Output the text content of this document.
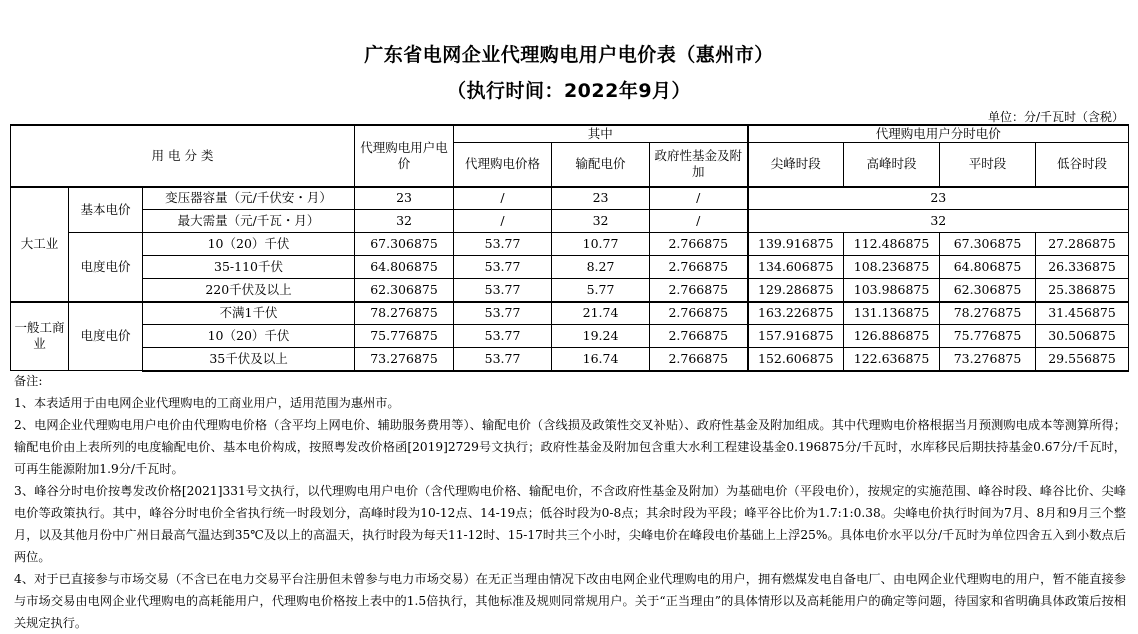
广东省电网企业代理购电用户电价表（惠州市）
（执行时间：2022年9月）
单位：分/千瓦时（含税）
用 电 分 类			代理购电用户电价	其中			代理购电用户分时电价			
				代理购电价格	输配电价	政府性基金及附加	尖峰时段	高峰时段	平时段	低谷时段
大工业	基本电价	变压器容量（元/千伏安・月）	23	/	23	/	23			
		最大需量（元/千瓦・月）	32	/	32	/	32			
	电度电价	10（20）千伏	67.306875	53.77	10.77	2.766875	139.916875	112.486875	67.306875	27.286875
		35-110千伏	64.806875	53.77	8.27	2.766875	134.606875	108.236875	64.806875	26.336875
		220千伏及以上	62.306875	53.77	5.77	2.766875	129.286875	103.986875	62.306875	25.386875
一般工商业	电度电价	不满1千伏	78.276875	53.77	21.74	2.766875	163.226875	131.136875	78.276875	31.456875
		10（20）千伏	75.776875	53.77	19.24	2.766875	157.916875	126.886875	75.776875	30.506875
		35千伏及以上	73.276875	53.77	16.74	2.766875	152.606875	122.636875	73.276875	29.556875
备注:
1、本表适用于由电网企业代理购电的工商业用户，适用范围为惠州市。
2、电网企业代理购电用户电价由代理购电价格（含平均上网电价、辅助服务费用等）、输配电价（含线损及政策性交叉补贴）、政府性基金及附加组成。其中代理购电价格根据当月预测购电成本等测算所得；输配电价由上表所列的电度输配电价、基本电价构成，按照粤发改价格函[2019]2729号文执行；政府性基金及附加包含重大水利工程建设基金0.196875分/千瓦时，水库移民后期扶持基金0.67分/千瓦时，可再生能源附加1.9分/千瓦时。
3、峰谷分时电价按粤发改价格[2021]331号文执行，以代理购电用户电价（含代理购电价格、输配电价，不含政府性基金及附加）为基础电价（平段电价），按规定的实施范围、峰谷时段、峰谷比价、尖峰电价等政策执行。其中，峰谷分时电价全省执行统一时段划分，高峰时段为10-12点、14-19点；低谷时段为0-8点；其余时段为平段；峰平谷比价为1.7:1:0.38。尖峰电价执行时间为7月、8月和9月三个整月，以及其他月份中广州日最高气温达到35℃及以上的高温天，执行时段为每天11-12时、15-17时共三个小时，尖峰电价在峰段电价基础上上浮25%。具体电价水平以分/千瓦时为单位四舍五入到小数点后两位。
4、对于已直接参与市场交易（不含已在电力交易平台注册但未曾参与电力市场交易）在无正当理由情况下改由电网企业代理购电的用户，拥有燃煤发电自备电厂、由电网企业代理购电的用户，暂不能直接参与市场交易由电网企业代理购电的高耗能用户，代理购电价格按上表中的1.5倍执行，其他标准及规则同常规用户。关于“正当理由”的具体情形以及高耗能用户的确定等问题，待国家和省明确具体政策后按相关规定执行。
